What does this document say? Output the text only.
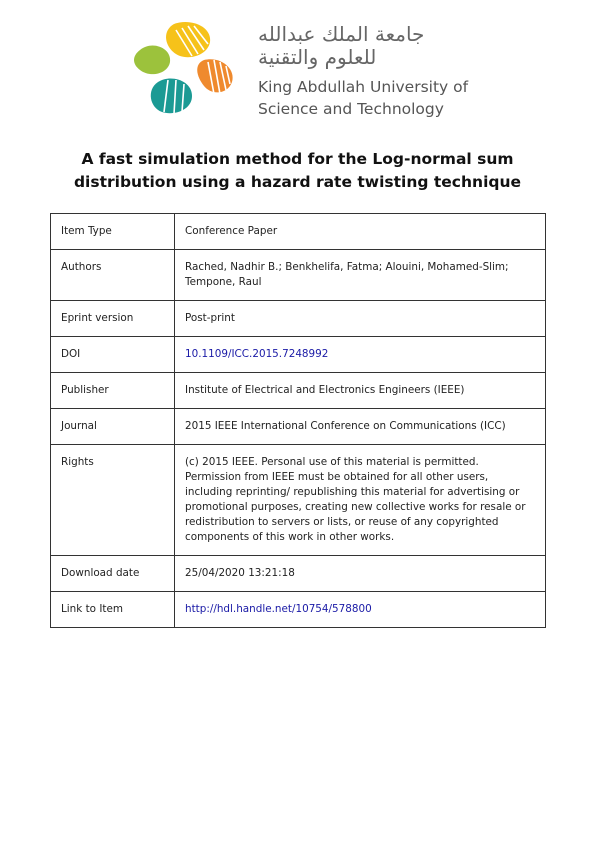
جامعة الملك عبدالله
للعلوم والتقنية
King Abdullah University of
Science and Technology
A fast simulation method for the Log-normal sum distribution using a hazard rate twisting technique
Item Type	Conference Paper
Authors	Rached, Nadhir B.; Benkhelifa, Fatma; Alouini, Mohamed-Slim; Tempone, Raul
Eprint version	Post-print
DOI	10.1109/ICC.2015.7248992
Publisher	Institute of Electrical and Electronics Engineers (IEEE)
Journal	2015 IEEE International Conference on Communications (ICC)
Rights	(c) 2015 IEEE. Personal use of this material is permitted. Permission from IEEE must be obtained for all other users, including reprinting/ republishing this material for advertising or promotional purposes, creating new collective works for resale or redistribution to servers or lists, or reuse of any copyrighted components of this work in other works.
Download date	25/04/2020 13:21:18
Link to Item	http://hdl.handle.net/10754/578800
